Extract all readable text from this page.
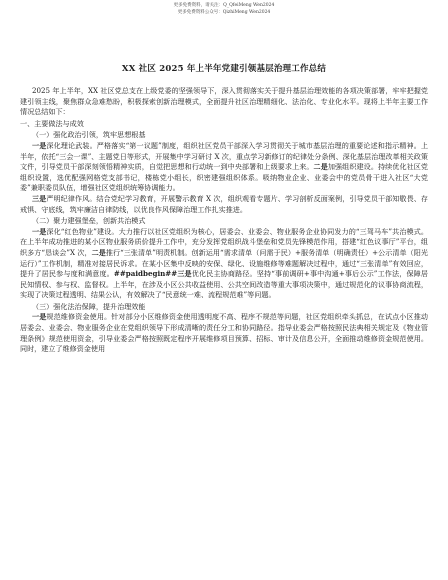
更多免费资料，请关注：Q_QfeiMeng Wen2024
更多免费资料公众号：QizhiMeng Wen2024
XX 社区 2025 年上半年党建引领基层治理工作总结

2025 年上半年，XX 社区党总支在上级党委的坚强领导下，深入贯彻落实关于提升基层治理效能的各项决策部署，牢牢把握党建引领主线，聚焦群众急难愁盼，积极探索创新治理模式，全面提升社区治理精细化、法治化、专业化水平。现将上半年主要工作情况总结如下：

一、主要做法与成效

（一）强化政治引领，筑牢思想根基

一是深化理论武装。严格落实“第一议题”制度，组织社区党员干部深入学习贯彻关于城市基层治理的重要论述和指示精神。上半年，依托“三会一课”、主题党日等形式，开展集中学习研讨 X 次，重点学习新修订的纪律处分条例、深化基层治理改革相关政策文件，引导党员干部深刻领悟精神实质，自觉把思想和行动统一到中央部署和上级要求上来。二是加强组织建设。持续优化社区党组织设置，选优配强网格党支部书记，楼栋党小组长，织密建强组织体系。吸纳物业企业、业委会中的党员骨干进入社区“大党委”兼职委员队伍，增强社区党组织统筹协调能力。

三是严明纪律作风。结合党纪学习教育，开展警示教育 X 次，组织观看专题片、学习剖析反面案例，引导党员干部知敬畏、存戒惧、守底线，筑牢廉洁自律防线，以优良作风保障治理工作扎实推进。

（二）聚力建强堡垒，创新共治模式

一是深化“红色物业”建设。大力推行以社区党组织为核心，居委会、业委会、物业服务企业协同发力的“三驾马车”共治模式。在上半年成功推进的某小区物业服务质价提升工作中，充分发挥党组织战斗堡垒和党员先锋模范作用，搭建“红色议事厅”平台，组织多方“恳谈会”X 次，二是推行“三张清单”明责机制。创新运用“需求清单（问需于民）+服务清单（明确责任）+公示清单（阳光运行）”工作机制，精准对接居民诉求。在某小区集中反映的安保、绿化、设施维修等难题解决过程中，通过“三张清单”有效回应，提升了居民参与度和满意度。##paidbegin##三是优化民主协商路径。坚持“事前调研+事中沟通+事后公示”工作法，保障居民知情权、参与权、监督权。上半年，在涉及小区公共收益使用、公共空间改造等重大事项决策中，通过规范化的议事协商流程，实现了决策过程透明、结果公认，有效解决了“民意统一难、流程规范难”等问题。

（三）强化法治保障，提升治理效能

一是规范维修资金使用。针对部分小区维修资金使用透明度不高、程序不规范等问题，社区党组织牵头抓总，在试点小区推动居委会、业委会、物业服务企业在党组织领导下形成清晰的责任分工和协同路径。指导业委会严格按照民法典相关规定及《物业管理条例》规范使用资金，引导业委会严格按照既定程序开展维修项目预算、招标、审计及信息公开，全面推动维修资金规范使用。同时，建立了维修资金使用
